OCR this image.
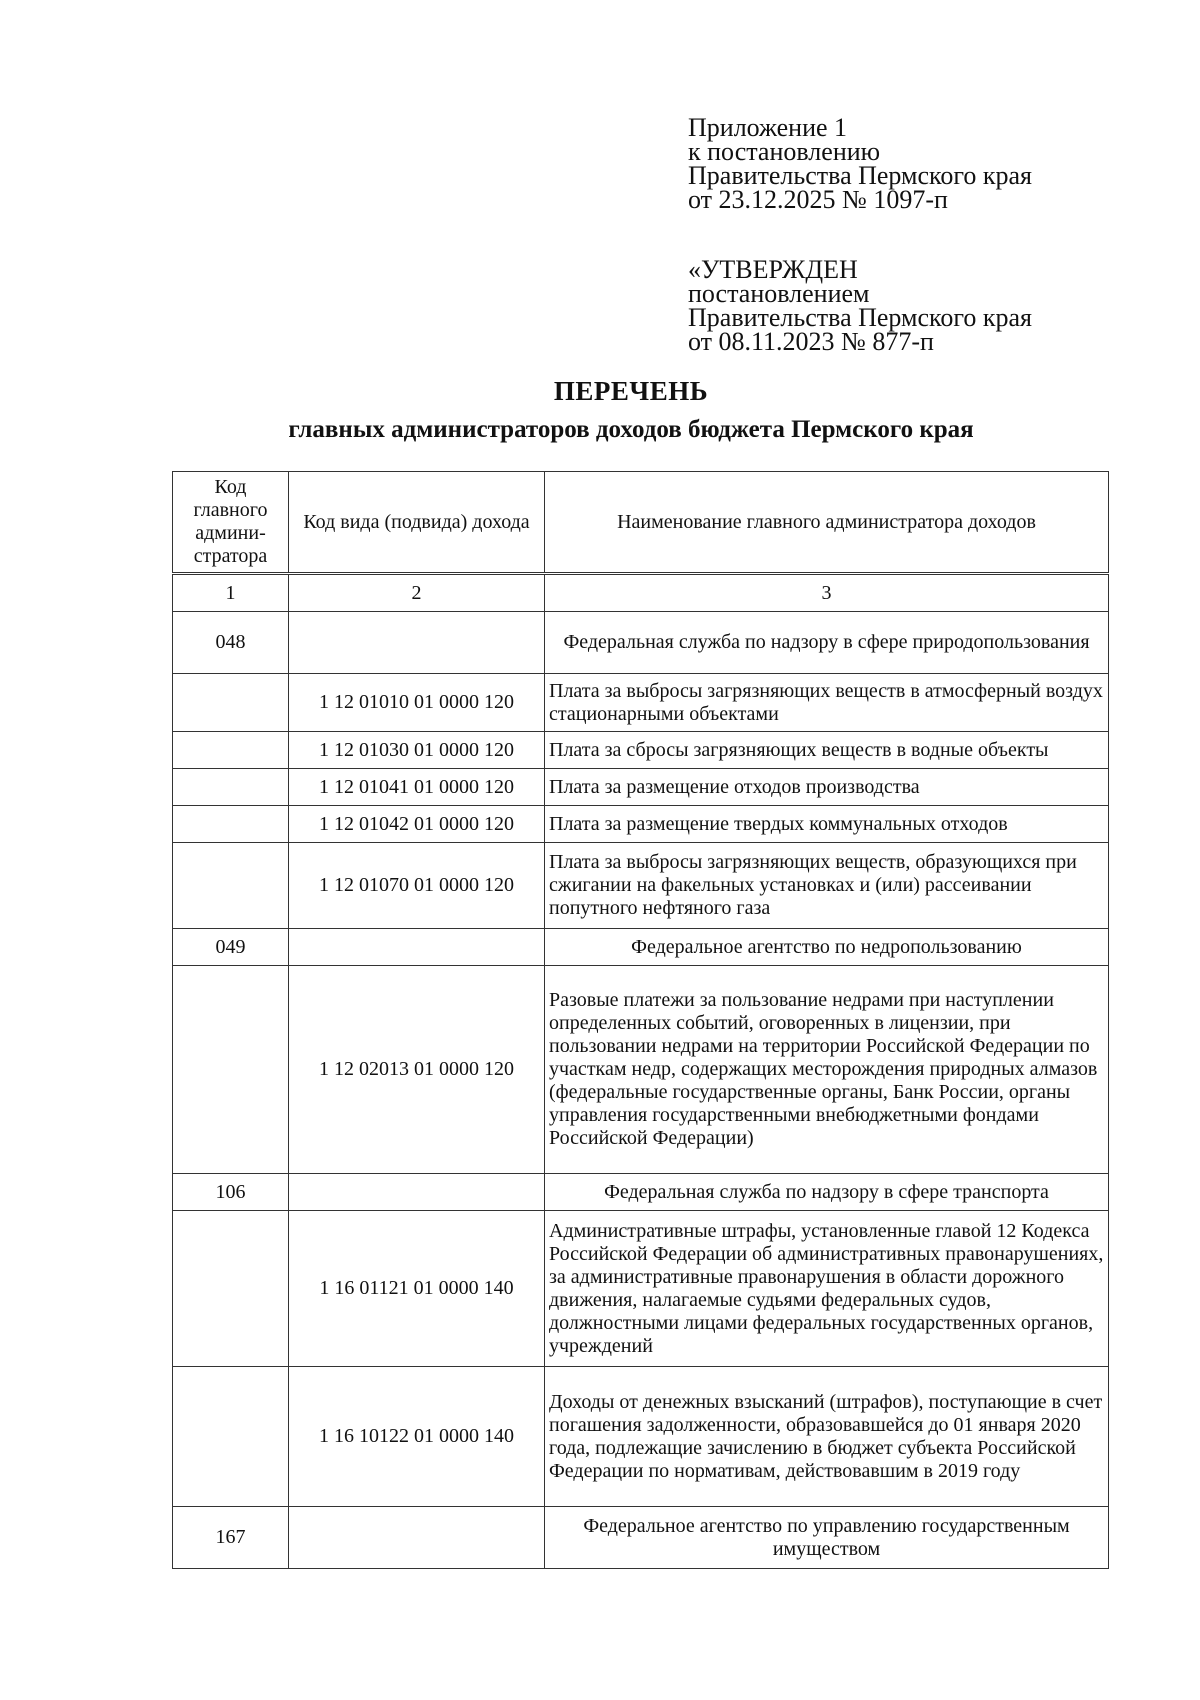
Приложение 1
к постановлению
Правительства Пермского края
от 23.12.2025 № 1097-п
«УТВЕРЖДЕН
постановлением
Правительства Пермского края
от 08.11.2023 № 877-п
ПЕРЕЧЕНЬ
главных администраторов доходов бюджета Пермского края
Код главного админи-стратора	Код вида (подвида) дохода	Наименование главного администратора доходов
1	2	3
048		Федеральная служба по надзору в сфере природопользования
	1 12 01010 01 0000 120	Плата за выбросы загрязняющих веществ в атмосферный воздух стационарными объектами
	1 12 01030 01 0000 120	Плата за сбросы загрязняющих веществ в водные объекты
	1 12 01041 01 0000 120	Плата за размещение отходов производства
	1 12 01042 01 0000 120	Плата за размещение твердых коммунальных отходов
	1 12 01070 01 0000 120	Плата за выбросы загрязняющих веществ, образующихся при сжигании на факельных установках и (или) рассеивании попутного нефтяного газа
049		Федеральное агентство по недропользованию
	1 12 02013 01 0000 120	Разовые платежи за пользование недрами при наступлении определенных событий, оговоренных в лицензии, при пользовании недрами на территории Российской Федерации по участкам недр, содержащих месторождения природных алмазов (федеральные государственные органы, Банк России, органы управления государственными внебюджетными фондами Российской Федерации)
106		Федеральная служба по надзору в сфере транспорта
	1 16 01121 01 0000 140	Административные штрафы, установленные главой 12 Кодекса Российской Федерации об административных правонарушениях, за административные правонарушения в области дорожного движения, налагаемые судьями федеральных судов, должностными лицами федеральных государственных органов, учреждений
	1 16 10122 01 0000 140	Доходы от денежных взысканий (штрафов), поступающие в счет погашения задолженности, образовавшейся до 01 января 2020 года, подлежащие зачислению в бюджет субъекта Российской Федерации по нормативам, действовавшим в 2019 году
167		Федеральное агентство по управлению государственным имуществом
